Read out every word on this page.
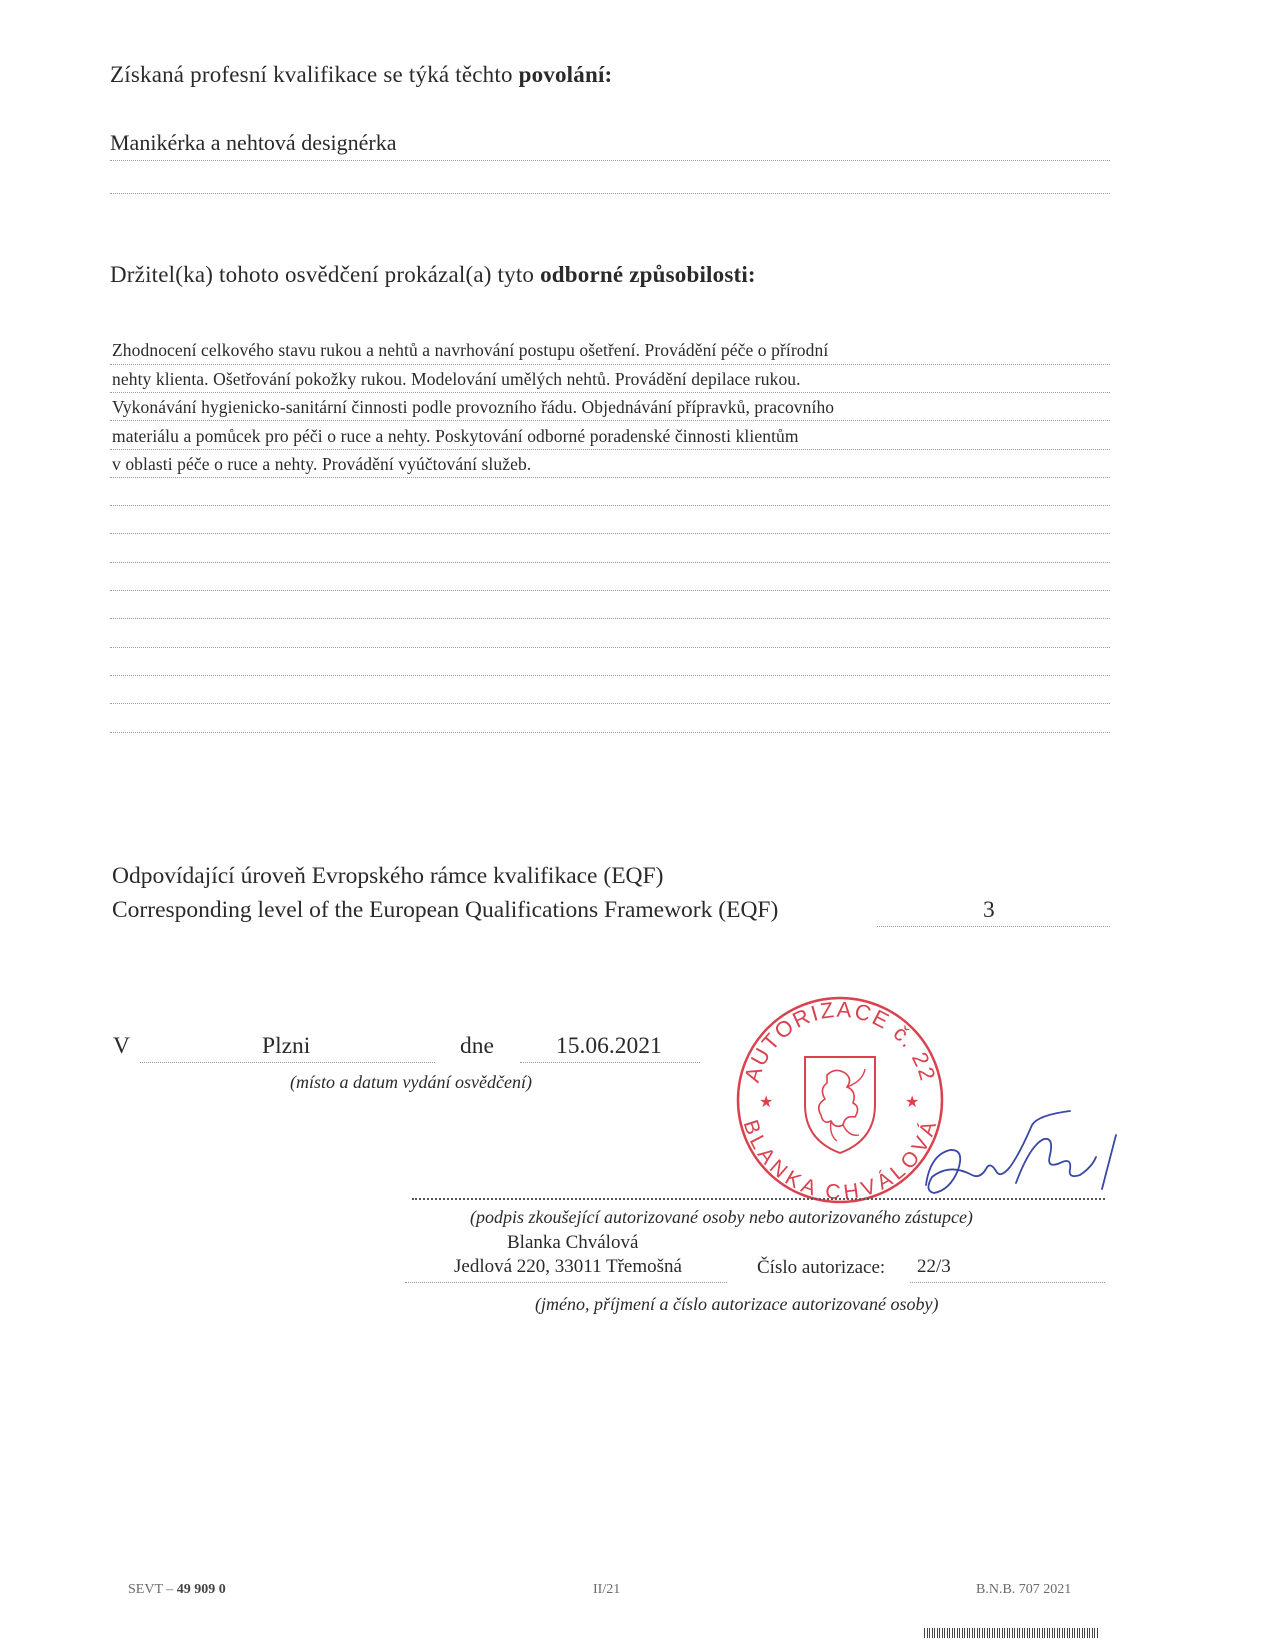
Získaná profesní kvalifikace se týká těchto povolání:
Manikérka a nehtová designérka
Držitel(ka) tohoto osvědčení prokázal(a) tyto odborné způsobilosti:
Zhodnocení celkového stavu rukou a nehtů a navrhování postupu ošetření. Provádění péče o přírodní
nehty klienta. Ošetřování pokožky rukou. Modelování umělých nehtů. Provádění depilace rukou.
Vykonávání hygienicko-sanitární činnosti podle provozního řádu. Objednávání přípravků, pracovního
materiálu a pomůcek pro péči o ruce a nehty. Poskytování odborné poradenské činnosti klientům
v oblasti péče o ruce a nehty. Provádění vyúčtování služeb.
Odpovídající úroveň Evropského rámce kvalifikace (EQF)
Corresponding level of the European Qualifications Framework (EQF)	3
V	Plzni	dne	15.06.2021
(místo a datum vydání osvědčení)	AUTORIZACE č. 22
BLANKA CHVÁLOVÁ
★	★
(podpis zkoušející autorizované osoby nebo autorizovaného zástupce)
Blanka Chválová
Jedlová 220, 33011 Třemošná	Číslo autorizace: 22/3
(jméno, příjmení a číslo autorizace autorizované osoby)
SEVT – 49 909 0	II/21	B.N.B. 707 2021
